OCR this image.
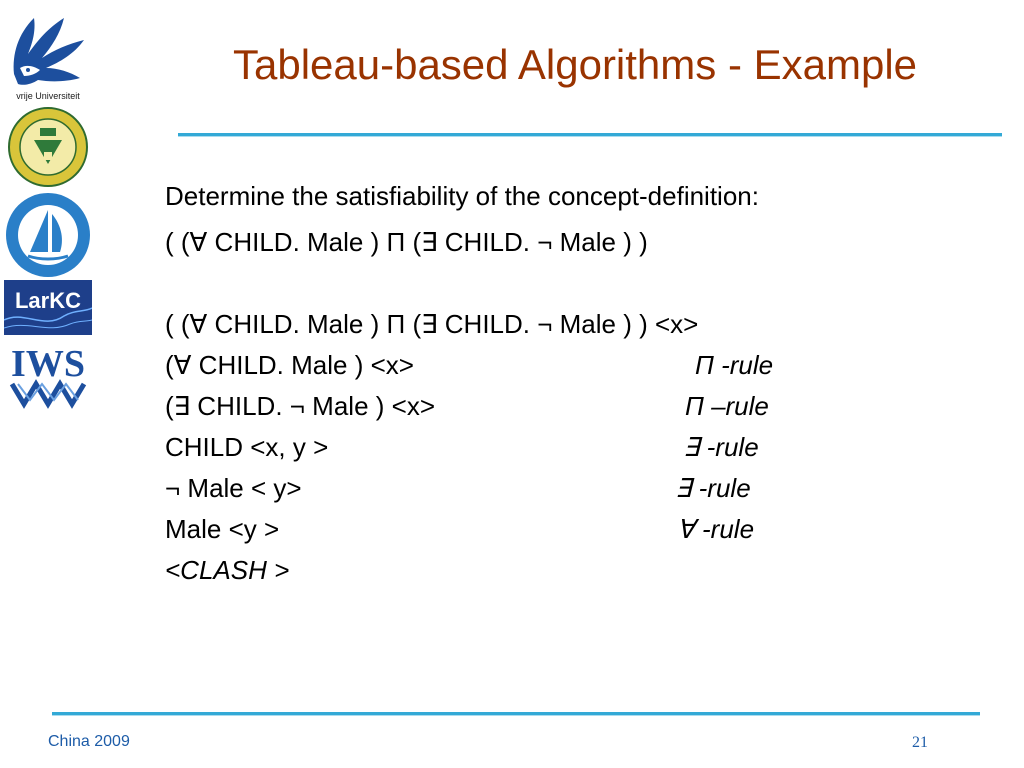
vrije Universiteit
LarKC
IWS
Tableau-based Algorithms - Example

Determine the satisfiability of the concept-definition:

( (∀ CHILD. Male ) Π (∃ CHILD. ¬ Male ) )
( (∀ CHILD. Male ) Π (∃ CHILD. ¬ Male ) ) <x>
(∀ CHILD. Male ) <x>	Π -rule
(∃ CHILD. ¬ Male ) <x>	Π –rule
CHILD <x, y >	∃ -rule
¬ Male < y>	∃ -rule
Male <y >	∀ -rule
<CLASH >
China 2009	21
